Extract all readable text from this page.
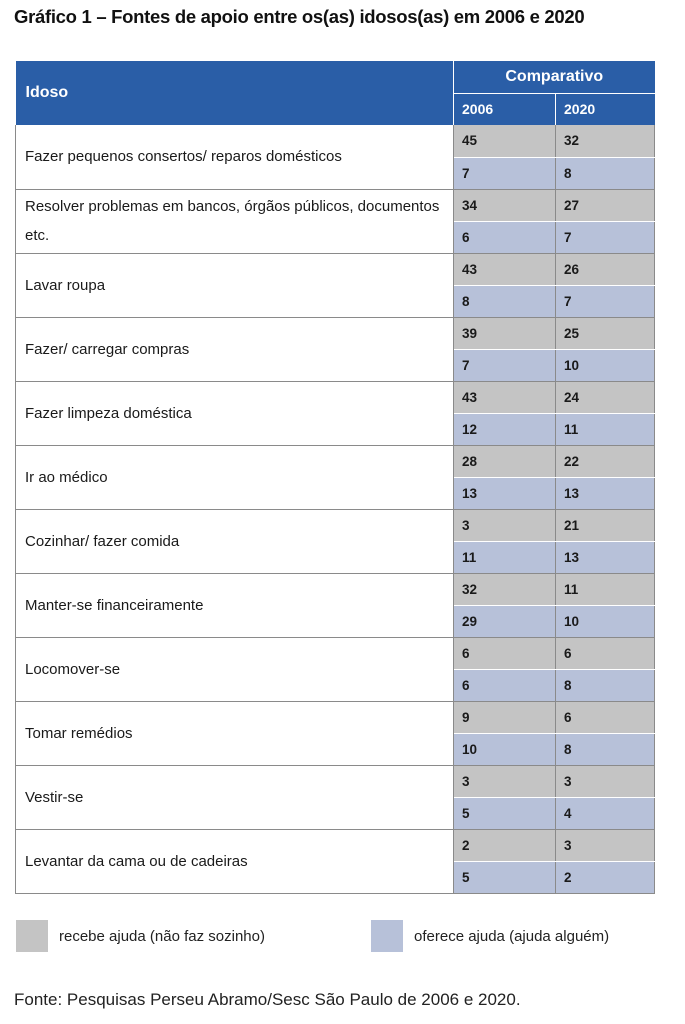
Gráfico 1 – Fontes de apoio entre os(as) idosos(as) em 2006 e 2020
Idoso	Comparativo	
	2006	2020
Fazer pequenos consertos/ reparos domésticos	45	32
	7	8
Resolver problemas em bancos, órgãos públicos, documentos etc.	34	27
	6	7
Lavar roupa	43	26
	8	7
Fazer/ carregar compras	39	25
	7	10
Fazer limpeza doméstica	43	24
	12	11
Ir ao médico	28	22
	13	13
Cozinhar/ fazer comida	3	21
	11	13
Manter-se financeiramente	32	11
	29	10
Locomover-se	6	6
	6	8
Tomar remédios	9	6
	10	8
Vestir-se	3	3
	5	4
Levantar da cama ou de cadeiras	2	3
	5	2
recebe ajuda (não faz sozinho)	oferece ajuda (ajuda alguém)
Fonte: Pesquisas Perseu Abramo/Sesc São Paulo de 2006 e 2020.
